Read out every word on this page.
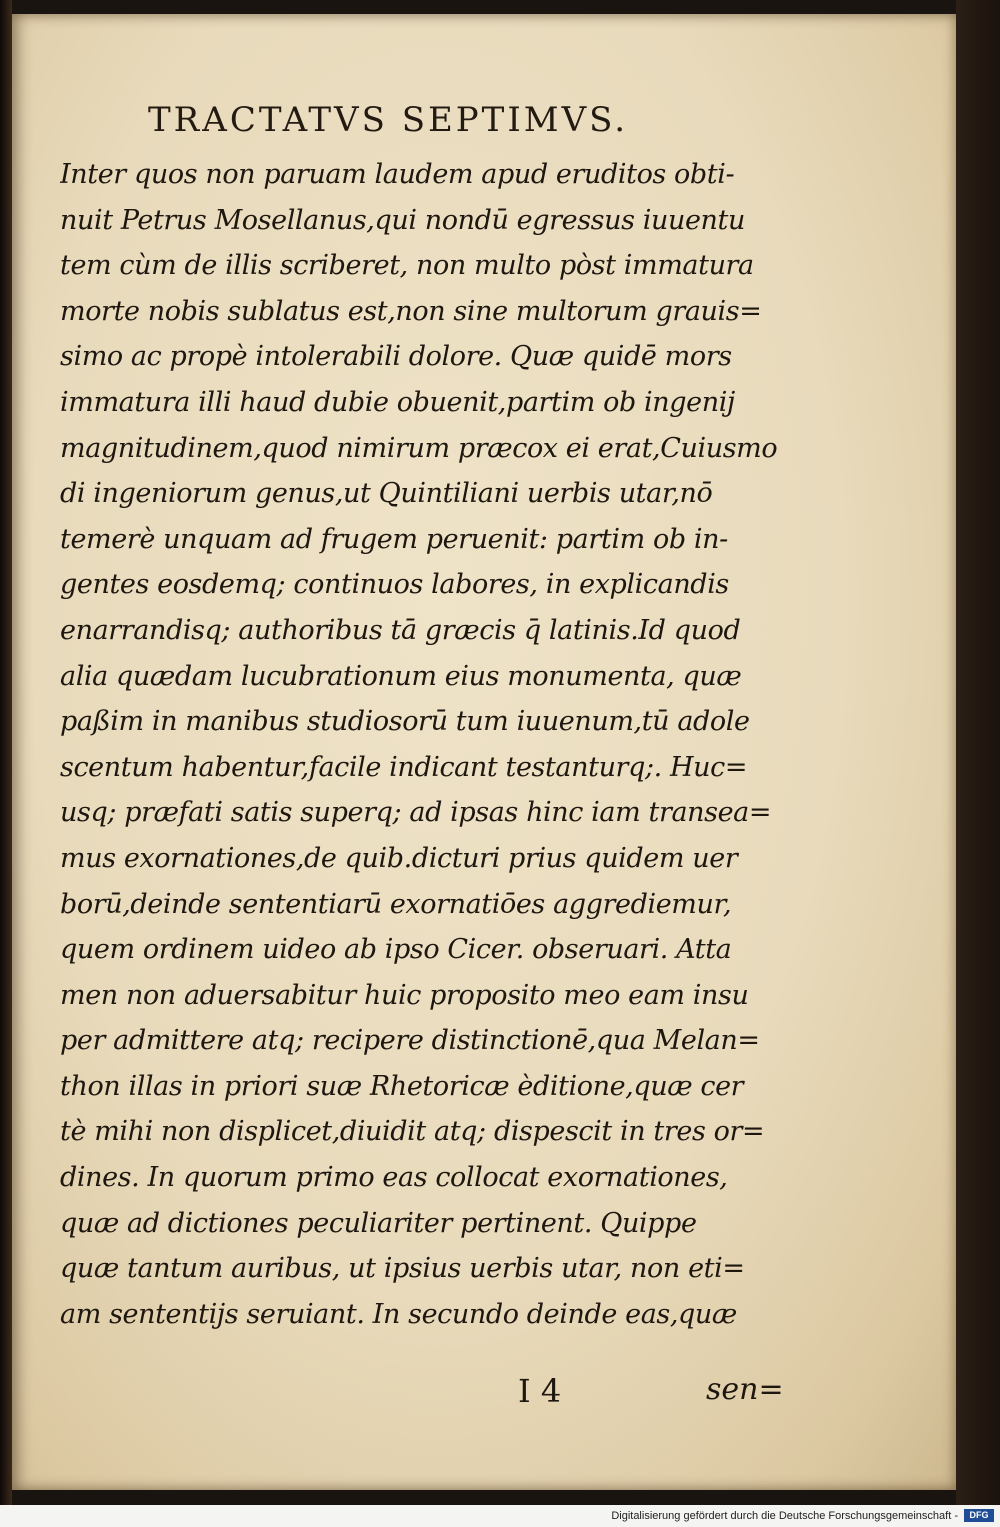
TRACTATVS SEPTIMVS.
Inter quos non paruam laudem apud eruditos obti-
nuit Petrus Mosellanus,qui nondū egressus iuuentu
tem cùm de illis scriberet, non multo pòst immatura
morte nobis sublatus est,non sine multorum grauis=
simo ac propè intolerabili dolore. Quæ quidē mors
immatura illi haud dubie obuenit,partim ob ingenij
magnitudinem,quod nimirum præcox ei erat,Cuiusmo
di ingeniorum genus,ut Quintiliani uerbis utar,nō
temerè unquam ad frugem peruenit: partim ob in-
gentes eosdemq; continuos labores, in explicandis
enarrandisq; authoribus tā græcis q̄ latinis.Id quod
alia quædam lucubrationum eius monumenta, quæ
paßim in manibus studiosorū tum iuuenum,tū adole
scentum habentur,facile indicant testanturq;. Huc=
usq; præfati satis superq; ad ipsas hinc iam transea=
mus exornationes,de quib.dicturi prius quidem uer
borū,deinde sententiarū exornatiōes aggrediemur,
quem ordinem uideo ab ipso Cicer. obseruari. Atta
men non aduersabitur huic proposito meo eam insu
per admittere atq; recipere distinctionē,qua Melan=
thon illas in priori suæ Rhetoricæ èditione,quæ cer
tè mihi non displicet,diuidit atq; dispescit in tres or=
dines. In quorum primo eas collocat exornationes,
quæ ad dictiones peculiariter pertinent. Quippe
quæ tantum auribus, ut ipsius uerbis utar, non eti=
am sententijs seruiant. In secundo deinde eas,quæ
I 4	sen=
Digitalisierung gefördert durch die Deutsche Forschungsgemeinschaft -	DFG
